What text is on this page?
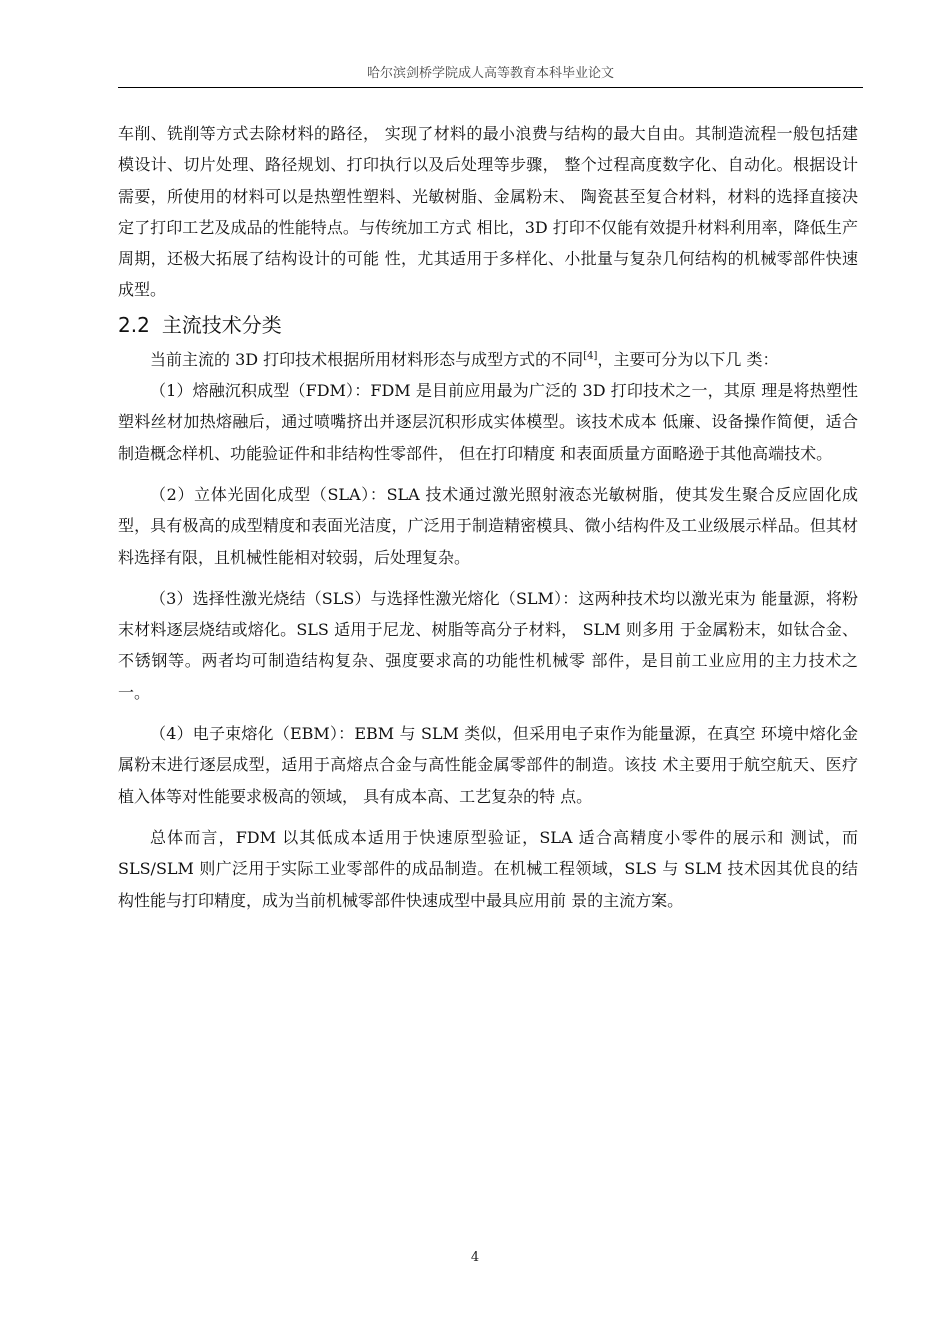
哈尔滨剑桥学院成人高等教育本科毕业论文

车削、铣削等方式去除材料的路径， 实现了材料的最小浪费与结构的最大自由。其制造流程一般包括建模设计、切片处理、路径规划、打印执行以及后处理等步骤， 整个过程高度数字化、自动化。根据设计需要，所使用的材料可以是热塑性塑料、光敏树脂、金属粉末、 陶瓷甚至复合材料，材料的选择直接决定了打印工艺及成品的性能特点。与传统加工方式 相比，3D 打印不仅能有效提升材料利用率，降低生产周期，还极大拓展了结构设计的可能 性，尤其适用于多样化、小批量与复杂几何结构的机械零部件快速成型。

2.2 主流技术分类

当前主流的 3D 打印技术根据所用材料形态与成型方式的不同[4]，主要可分为以下几 类：

（1）熔融沉积成型（FDM）：FDM 是目前应用最为广泛的 3D 打印技术之一，其原 理是将热塑性塑料丝材加热熔融后，通过喷嘴挤出并逐层沉积形成实体模型。该技术成本 低廉、设备操作简便，适合制造概念样机、功能验证件和非结构性零部件， 但在打印精度 和表面质量方面略逊于其他高端技术。

（2）立体光固化成型（SLA）：SLA 技术通过激光照射液态光敏树脂，使其发生聚合反应固化成型，具有极高的成型精度和表面光洁度，广泛用于制造精密模具、微小结构件及工业级展示样品。但其材料选择有限，且机械性能相对较弱，后处理复杂。

（3）选择性激光烧结（SLS）与选择性激光熔化（SLM）：这两种技术均以激光束为 能量源，将粉末材料逐层烧结或熔化。SLS 适用于尼龙、树脂等高分子材料， SLM 则多用 于金属粉末，如钛合金、不锈钢等。两者均可制造结构复杂、强度要求高的功能性机械零 部件，是目前工业应用的主力技术之一。

（4）电子束熔化（EBM）：EBM 与 SLM 类似，但采用电子束作为能量源，在真空 环境中熔化金属粉末进行逐层成型，适用于高熔点合金与高性能金属零部件的制造。该技 术主要用于航空航天、医疗植入体等对性能要求极高的领域， 具有成本高、工艺复杂的特 点。

总体而言，FDM 以其低成本适用于快速原型验证，SLA 适合高精度小零件的展示和 测试，而 SLS/SLM 则广泛用于实际工业零部件的成品制造。在机械工程领域，SLS 与 SLM 技术因其优良的结构性能与打印精度，成为当前机械零部件快速成型中最具应用前 景的主流方案。

4
